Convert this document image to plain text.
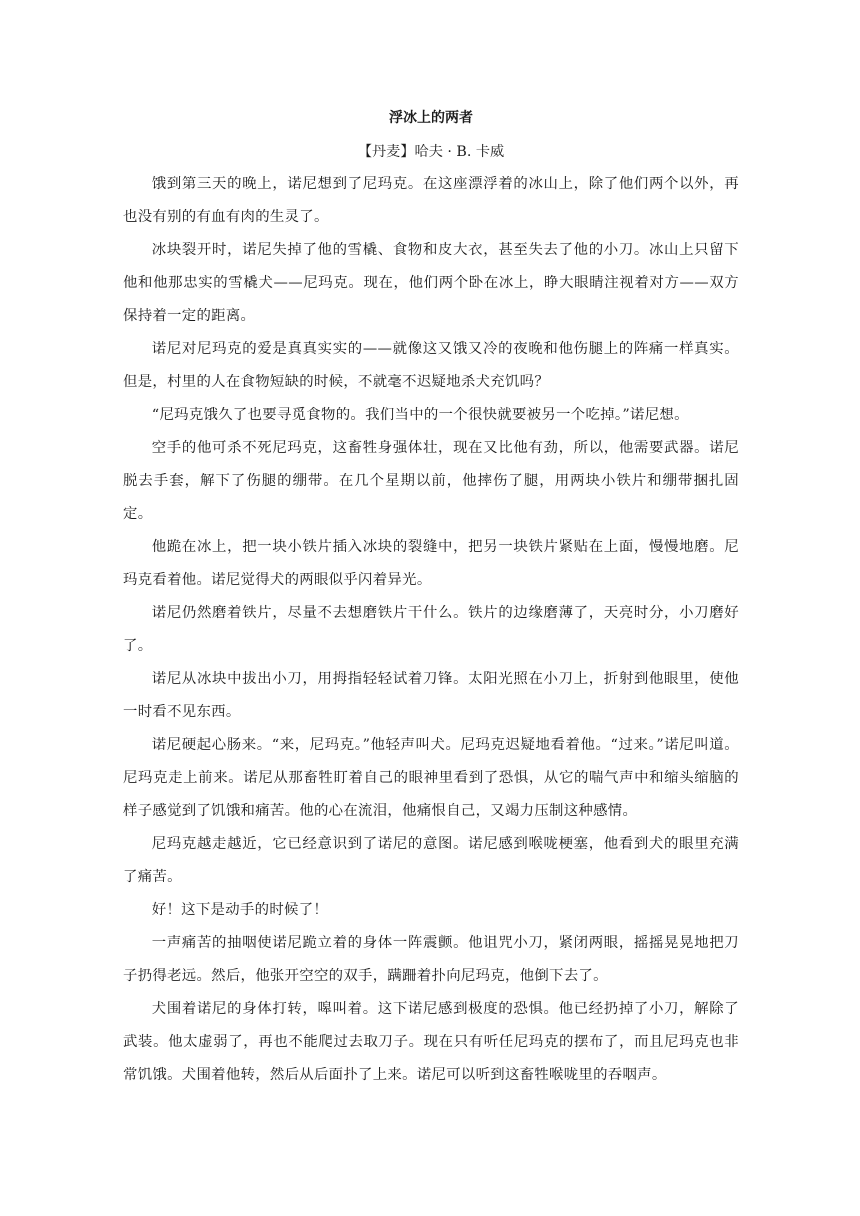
浮冰上的两者
【丹麦】哈夫 · B. 卡威

饿到第三天的晚上，诺尼想到了尼玛克。在这座漂浮着的冰山上，除了他们两个以外，再也没有别的有血有肉的生灵了。

冰块裂开时，诺尼失掉了他的雪橇、食物和皮大衣，甚至失去了他的小刀。冰山上只留下他和他那忠实的雪橇犬——尼玛克。现在，他们两个卧在冰上，睁大眼睛注视着对方——双方保持着一定的距离。

诺尼对尼玛克的爱是真真实实的——就像这又饿又冷的夜晚和他伤腿上的阵痛一样真实。但是，村里的人在食物短缺的时候，不就毫不迟疑地杀犬充饥吗？

“尼玛克饿久了也要寻觅食物的。我们当中的一个很快就要被另一个吃掉。”诺尼想。

空手的他可杀不死尼玛克，这畜牲身强体壮，现在又比他有劲，所以，他需要武器。诺尼脱去手套，解下了伤腿的绷带。在几个星期以前，他摔伤了腿，用两块小铁片和绷带捆扎固定。

他跪在冰上，把一块小铁片插入冰块的裂缝中，把另一块铁片紧贴在上面，慢慢地磨。尼玛克看着他。诺尼觉得犬的两眼似乎闪着异光。

诺尼仍然磨着铁片，尽量不去想磨铁片干什么。铁片的边缘磨薄了，天亮时分，小刀磨好了。

诺尼从冰块中拔出小刀，用拇指轻轻试着刀锋。太阳光照在小刀上，折射到他眼里，使他一时看不见东西。

诺尼硬起心肠来。“来，尼玛克。”他轻声叫犬。尼玛克迟疑地看着他。“过来。”诺尼叫道。尼玛克走上前来。诺尼从那畜牲盯着自己的眼神里看到了恐惧，从它的喘气声中和缩头缩脑的样子感觉到了饥饿和痛苦。他的心在流泪，他痛恨自己，又竭力压制这种感情。

尼玛克越走越近，它已经意识到了诺尼的意图。诺尼感到喉咙梗塞，他看到犬的眼里充满了痛苦。

好！这下是动手的时候了！

一声痛苦的抽咽使诺尼跪立着的身体一阵震颤。他诅咒小刀，紧闭两眼，摇摇晃晃地把刀子扔得老远。然后，他张开空空的双手，蹒跚着扑向尼玛克，他倒下去了。

犬围着诺尼的身体打转，嗥叫着。这下诺尼感到极度的恐惧。他已经扔掉了小刀，解除了武装。他太虚弱了，再也不能爬过去取刀子。现在只有听任尼玛克的摆布了，而且尼玛克也非常饥饿。犬围着他转，然后从后面扑了上来。诺尼可以听到这畜牲喉咙里的吞咽声。
